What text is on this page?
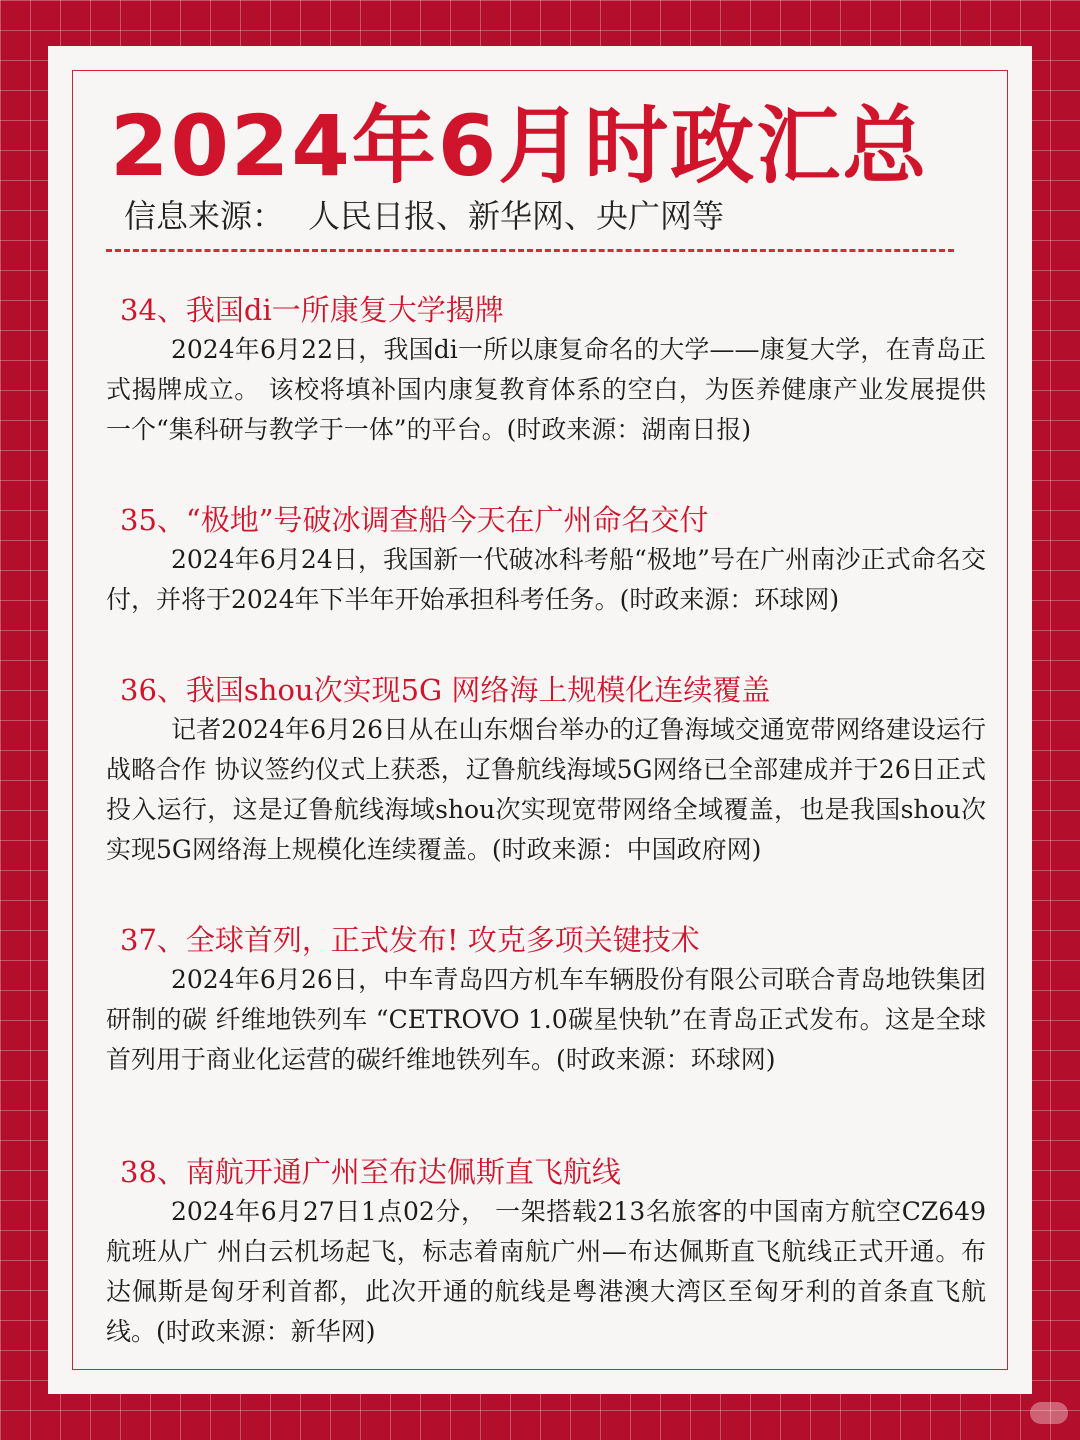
2024年6月时政汇总
信息来源： 人民日报、新华网、央广网等
34、我国di一所康复大学揭牌

2024年6月22日，我国di一所以康复命名的大学——康复大学，在青岛正式揭牌成立。 该校将填补国内康复教育体系的空白，为医养健康产业发展提供一个“集科研与教学于一体”的平台。(时政来源：湖南日报)

35、“极地”号破冰调查船今天在广州命名交付

2024年6月24日，我国新一代破冰科考船“极地”号在广州南沙正式命名交付，并将于2024年下半年开始承担科考任务。(时政来源：环球网)

36、我国shou次实现5G 网络海上规模化连续覆盖

记者2024年6月26日从在山东烟台举办的辽鲁海域交通宽带网络建设运行战略合作 协议签约仪式上获悉，辽鲁航线海域5G网络已全部建成并于26日正式投入运行，这是辽鲁航线海域shou次实现宽带网络全域覆盖，也是我国shou次实现5G网络海上规模化连续覆盖。(时政来源：中国政府网)

37、全球首列，正式发布! 攻克多项关键技术

2024年6月26日，中车青岛四方机车车辆股份有限公司联合青岛地铁集团研制的碳 纤维地铁列车 “CETROVO 1.0碳星快轨”在青岛正式发布。这是全球首列用于商业化运营的碳纤维地铁列车。(时政来源：环球网)

38、南航开通广州至布达佩斯直飞航线

2024年6月27日1点02分， 一架搭载213名旅客的中国南方航空CZ649 航班从广 州白云机场起飞，标志着南航广州—布达佩斯直飞航线正式开通。布达佩斯是匈牙利首都，此次开通的航线是粤港澳大湾区至匈牙利的首条直飞航线。(时政来源：新华网)
